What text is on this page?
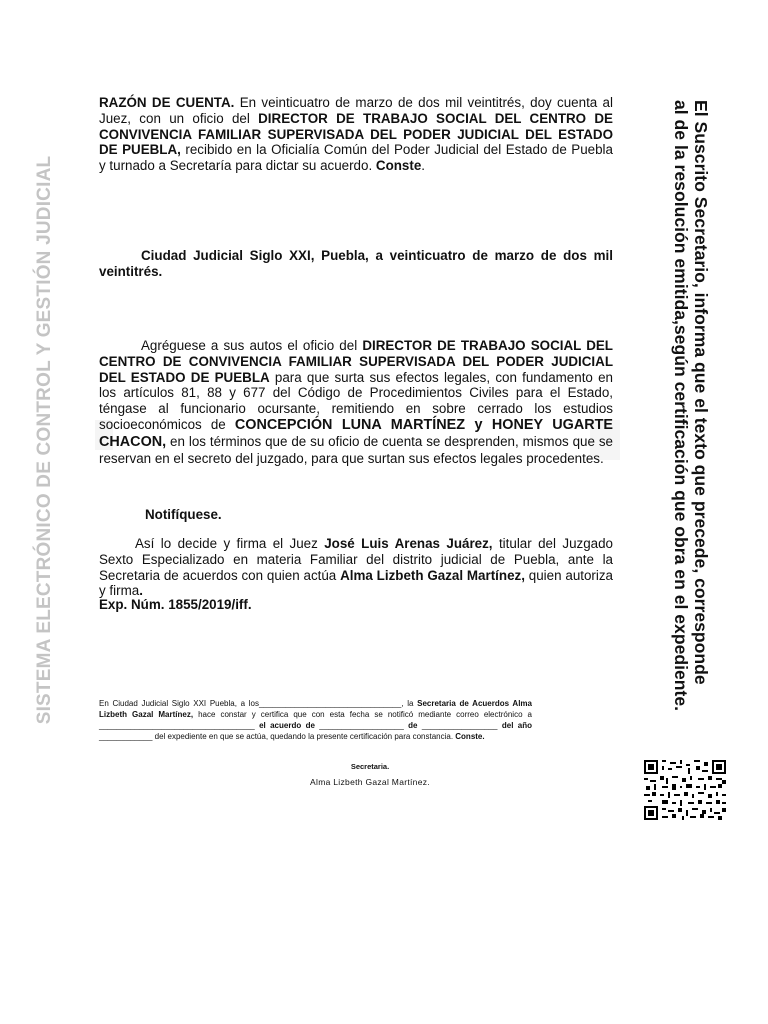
SISTEMA ELECTRÓNICO DE CONTROL Y GESTIÓN JUDICIAL	El Suscrito Secretario, informa que el texto que precede, corresponde
al de la resolución emitida,según certificación que obra en el expediente.
RAZÓN DE CUENTA. En veinticuatro de marzo de dos mil veintitrés, doy cuenta al Juez, con un oficio del DIRECTOR DE TRABAJO SOCIAL DEL CENTRO DE CONVIVENCIA FAMILIAR SUPERVISADA DEL PODER JUDICIAL DEL ESTADO DE PUEBLA, recibido en la Oficialía Común del Poder Judicial del Estado de Puebla y turnado a Secretaría para dictar su acuerdo. Conste.
Ciudad Judicial Siglo XXI, Puebla, a veinticuatro de marzo de dos mil veintitrés.
Agréguese a sus autos el oficio del DIRECTOR DE TRABAJO SOCIAL DEL CENTRO DE CONVIVENCIA FAMILIAR SUPERVISADA DEL PODER JUDICIAL DEL ESTADO DE PUEBLA para que surta sus efectos legales, con fundamento en los artículos 81, 88 y 677 del Código de Procedimientos Civiles para el Estado, téngase al funcionario ocursante, remitiendo en sobre cerrado los estudios socioeconómicos de CONCEPCIÓN LUNA MARTÍNEZ y HONEY UGARTE CHACON, en los términos que de su oficio de cuenta se desprenden, mismos que se reservan en el secreto del juzgado, para que surtan sus efectos legales procedentes.
Notifíquese.
Así lo decide y firma el Juez José Luis Arenas Juárez, titular del Juzgado Sexto Especializado en materia Familiar del distrito judicial de Puebla, ante la Secretaria de acuerdos con quien actúa Alma Lizbeth Gazal Martínez, quien autoriza y firma.
Exp. Núm. 1855/2019/iff.
En Ciudad Judicial Siglo XXI Puebla, a los________________________________, la Secretaria de Acuerdos Alma Lizbeth Gazal Martínez, hace constar y certifica que con esta fecha se notificó mediante correo electrónico a ___________________________________ el acuerdo de ___________________ de _________________ del año ____________ del expediente en que se actúa, quedando la presente certificación para constancia. Conste.
Secretaria.
Alma Lizbeth Gazal Martínez.
